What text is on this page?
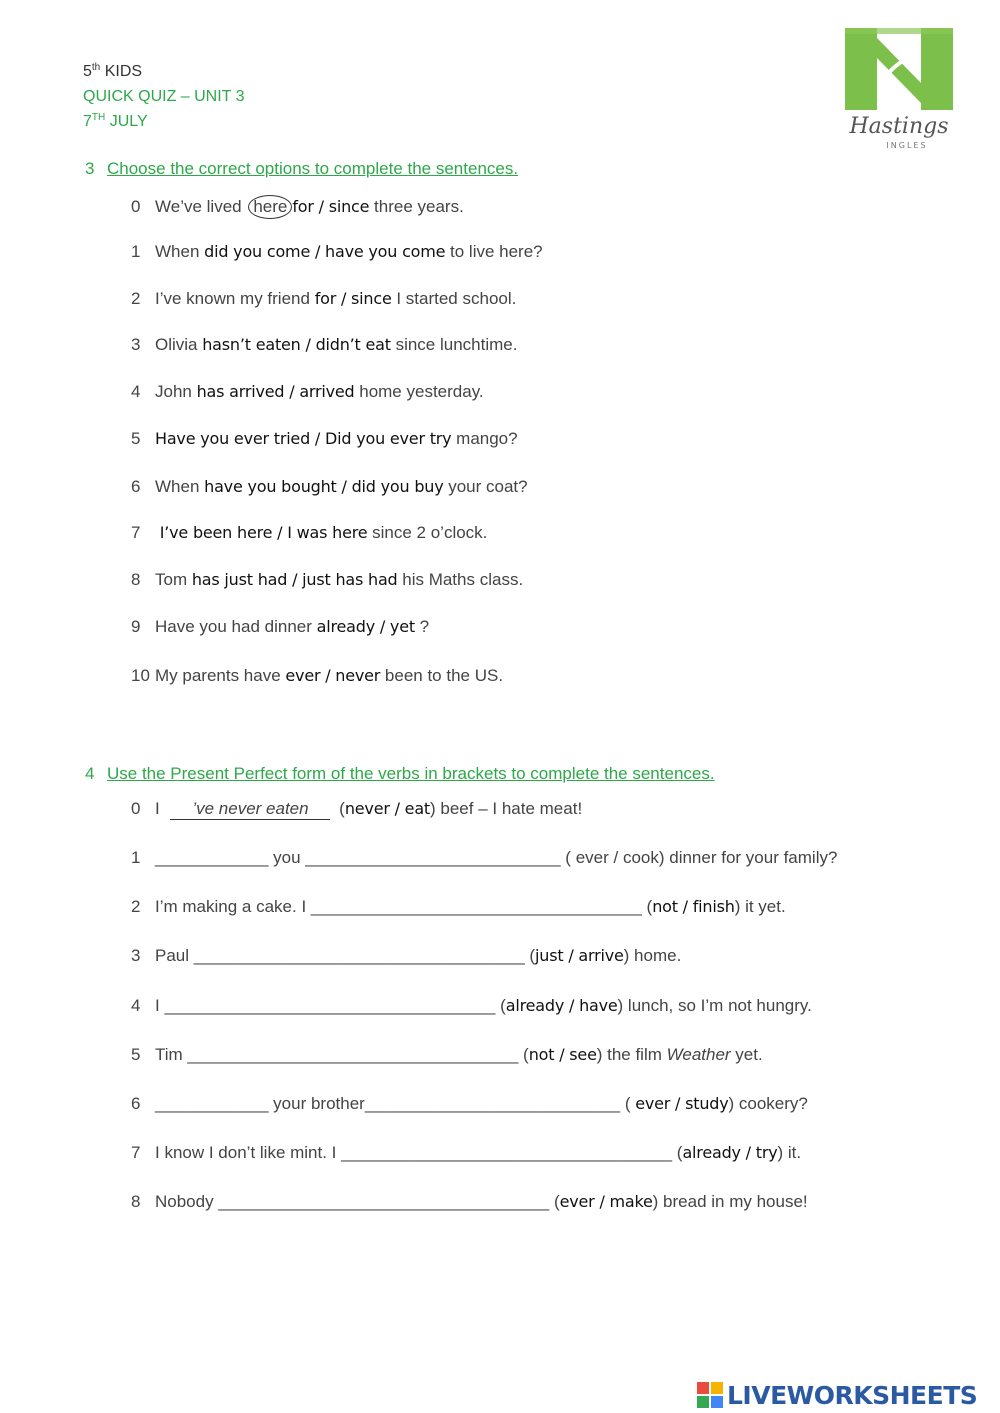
5th KIDS
QUICK QUIZ – UNIT 3
7TH JULY	Hastings
INGLES
3 Choose the correct options to complete the sentences.
0 We’ve lived here for / since three years.
1 When did you come / have you come to live here?
2 I’ve known my friend for / since I started school.
3 Olivia hasn’t eaten / didn’t eat since lunchtime.
4 John has arrived / arrived home yesterday.
5 Have you ever tried / Did you ever try mango?
6 When have you bought / did you buy your coat?
7 I’ve been here / I was here since 2 o’clock.
8 Tom has just had / just has had his Maths class.
9 Have you had dinner already / yet ?
10 My parents have ever / never been to the US.
4 Use the Present Perfect form of the verbs in brackets to complete the sentences.
0 I ’ve never eaten (never / eat) beef – I hate meat!
1 ____________ you ___________________________ ( ever / cook) dinner for your family?
2 I’m making a cake. I ___________________________________ (not / finish) it yet.
3 Paul ___________________________________ (just / arrive) home.
4 I ___________________________________ (already / have) lunch, so I’m not hungry.
5 Tim ___________________________________ (not / see) the film Weather yet.
6 ____________ your brother___________________________ ( ever / study) cookery?
7 I know I don’t like mint. I ___________________________________ (already / try) it.
8 Nobody ___________________________________ (ever / make) bread in my house!
LIVEWORKSHEETS
